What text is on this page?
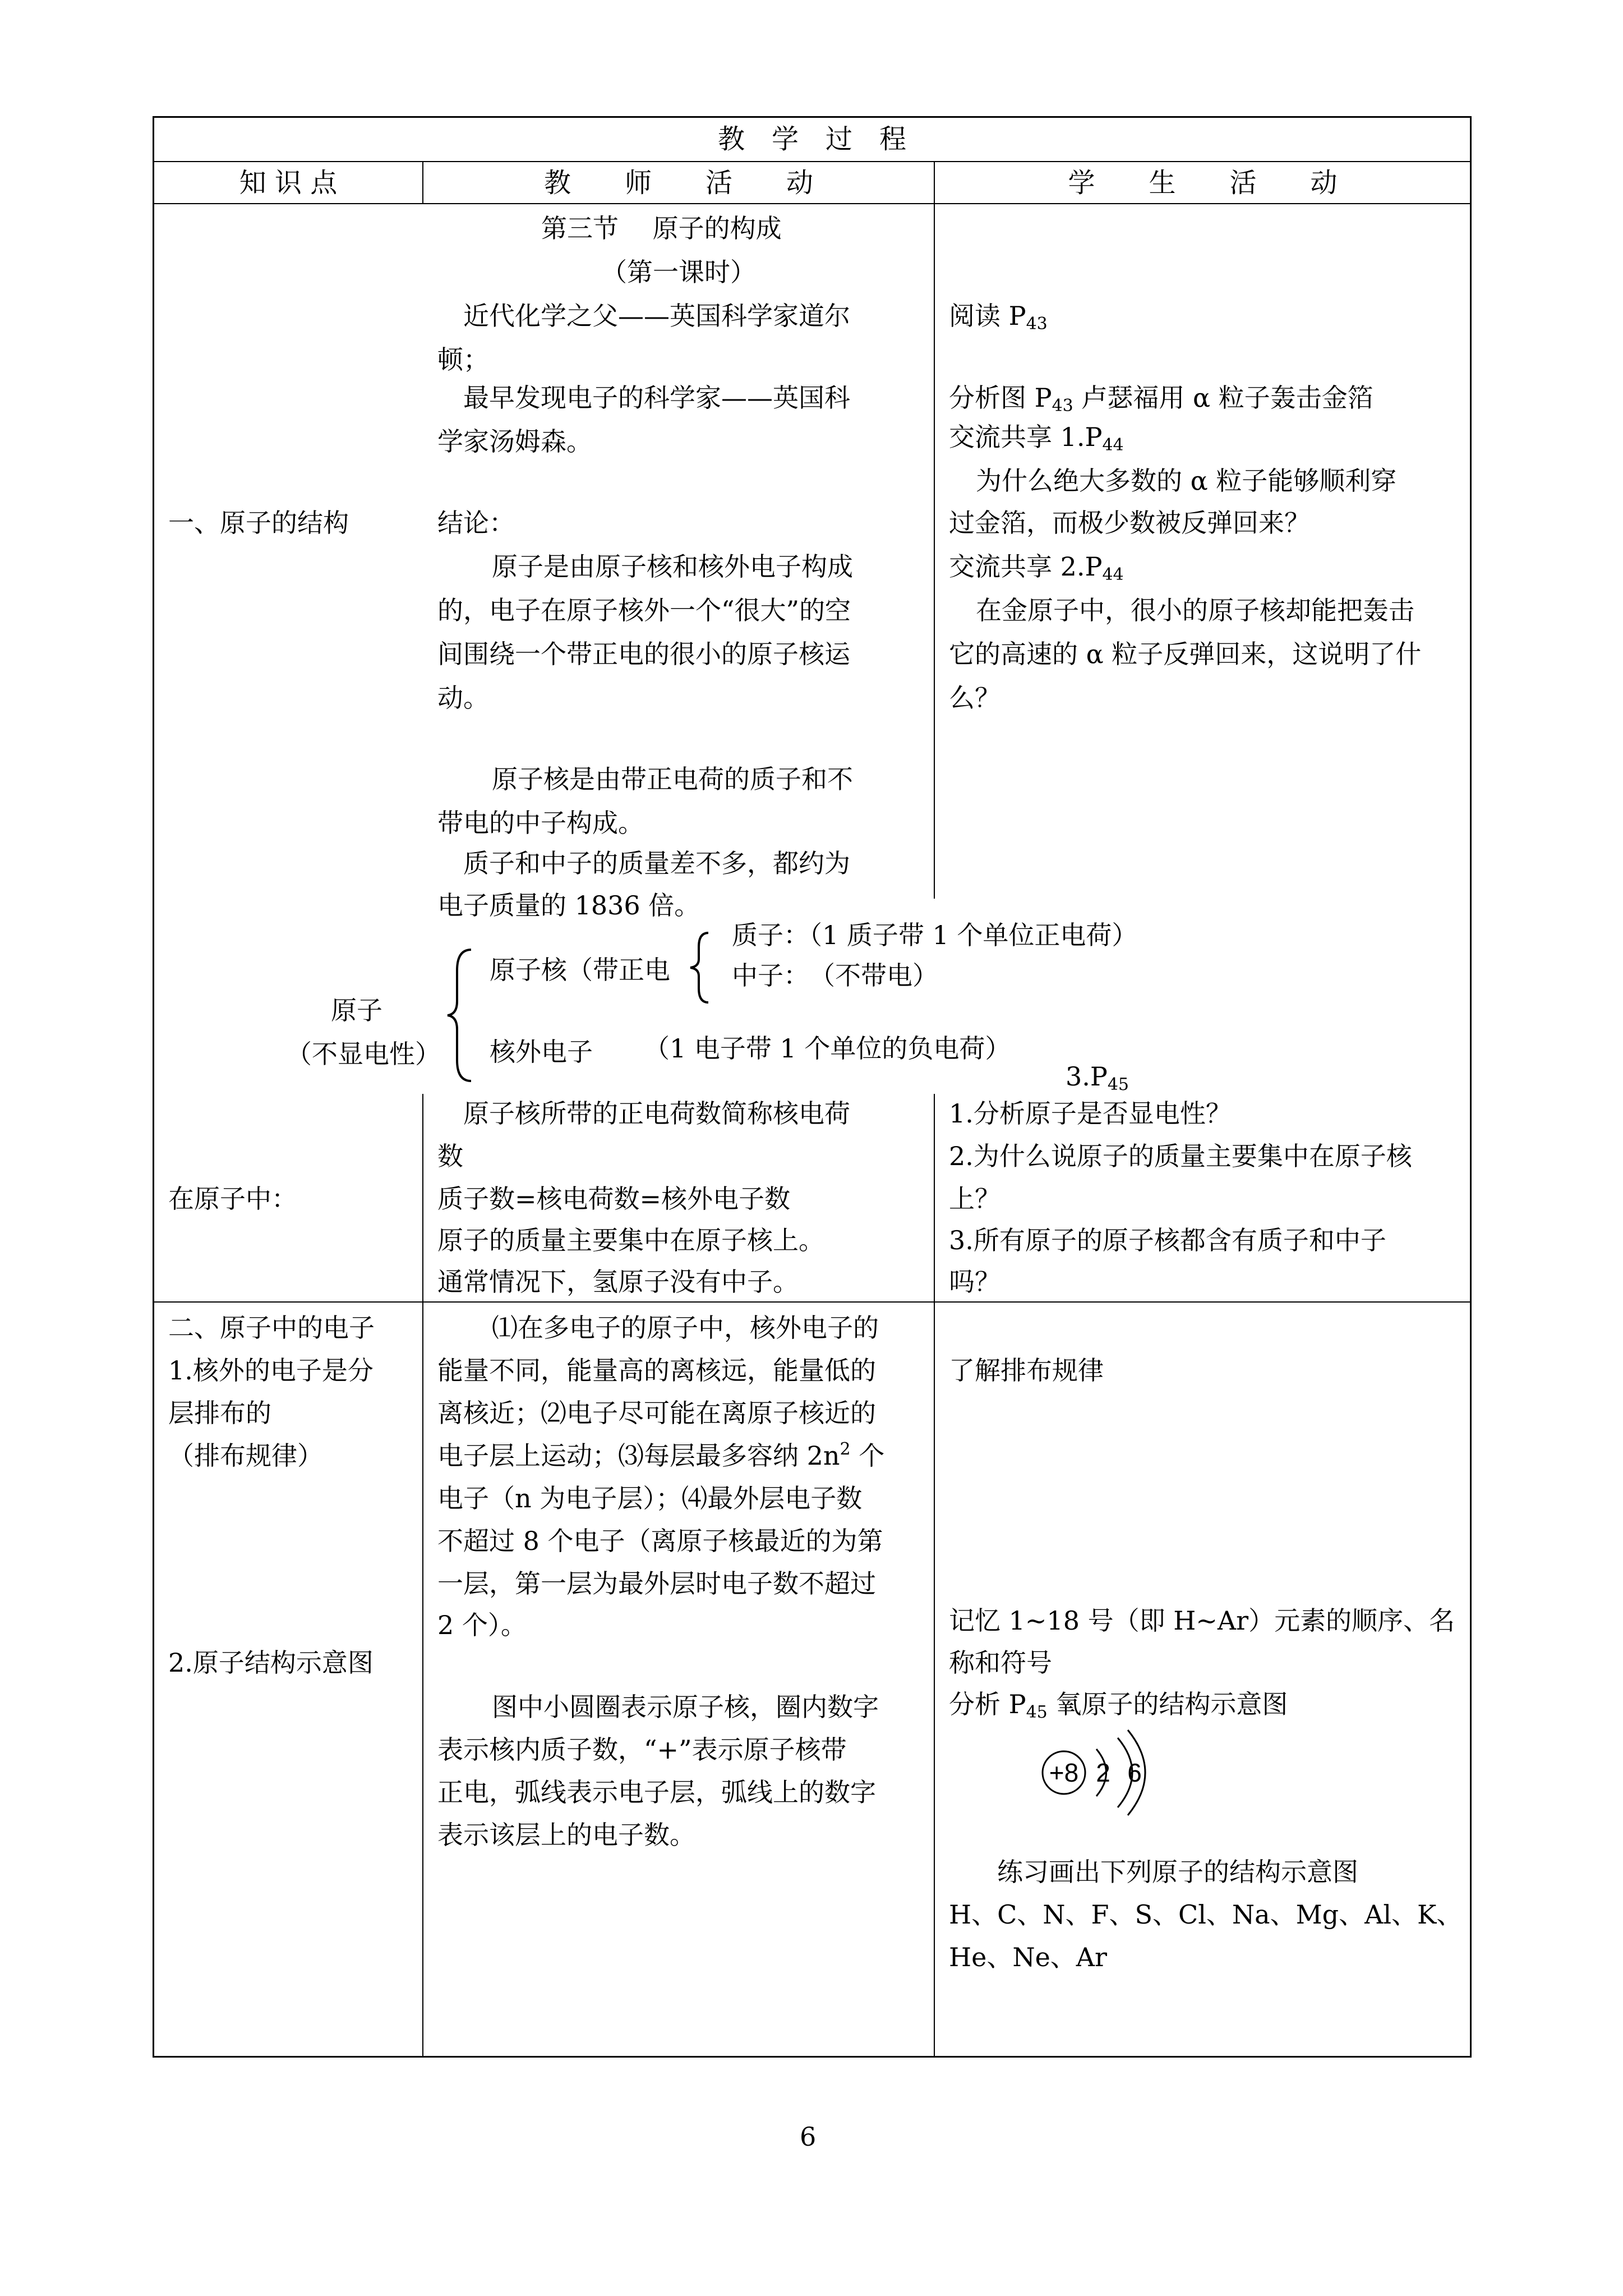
教　学　过　程
知 识 点	教　　师　　活　　动	学　　生　　活　　动
第三节　 原子的构成
（第一课时）
一、原子的结构
近代化学之父——英国科学家道尔
顿；
最早发现电子的科学家——英国科
学家汤姆森。
结论：
原子是由原子核和核外电子构成
的，电子在原子核外一个“很大”的空
间围绕一个带正电的很小的原子核运
动。
原子核是由带正电荷的质子和不
带电的中子构成。
质子和中子的质量差不多，都约为
电子质量的 1836 倍。
阅读 $P_{43}$
分析图 $P_{43}$ 卢瑟福用 α 粒子轰击金箔
交流共享 $1.P_{44}$
为什么绝大多数的 α 粒子能够顺利穿
过金箔，而极少数被反弹回来？
交流共享 $2.P_{44}$
在金原子中，很小的原子核却能把轰击
它的高速的 α 粒子反弹回来，这说明了什
么？
原子
（不显电性）
原子核（带正电
质子：（1 质子带 1 个单位正电荷）
中子：　（不带电）
核外电子 （1 电子带 1 个单位的负电荷）
$3.P_{45}$
在原子中：
原子核所带的正电荷数简称核电荷
数
质子数=核电荷数=核外电子数
原子的质量主要集中在原子核上。
通常情况下，氢原子没有中子。
1.分析原子是否显电性？
2.为什么说原子的质量主要集中在原子核
上？
3.所有原子的原子核都含有质子和中子
吗？
二、原子中的电子
1.核外的电子是分
层排布的
（排布规律）
2.原子结构示意图
⑴在多电子的原子中，核外电子的
能量不同，能量高的离核远，能量低的
离核近；⑵电子尽可能在离原子核近的
电子层上运动；⑶每层最多容纳 $2n^2$ 个
电子（n 为电子层）；⑷最外层电子数
不超过 8 个电子（离原子核最近的为第
一层，第一层为最外层时电子数不超过
2 个）。
图中小圆圈表示原子核，圈内数字
表示核内质子数，“+”表示原子核带
正电，弧线表示电子层，弧线上的数字
表示该层上的电子数。
了解排布规律
记忆 1~18 号（即 H~Ar）元素的顺序、名
称和符号
分析 $P_{45}$ 氧原子的结构示意图
+8 2 6
练习画出下列原子的结构示意图
H、C、N、F、S、Cl、Na、Mg、Al、K、
He、Ne、Ar
6
